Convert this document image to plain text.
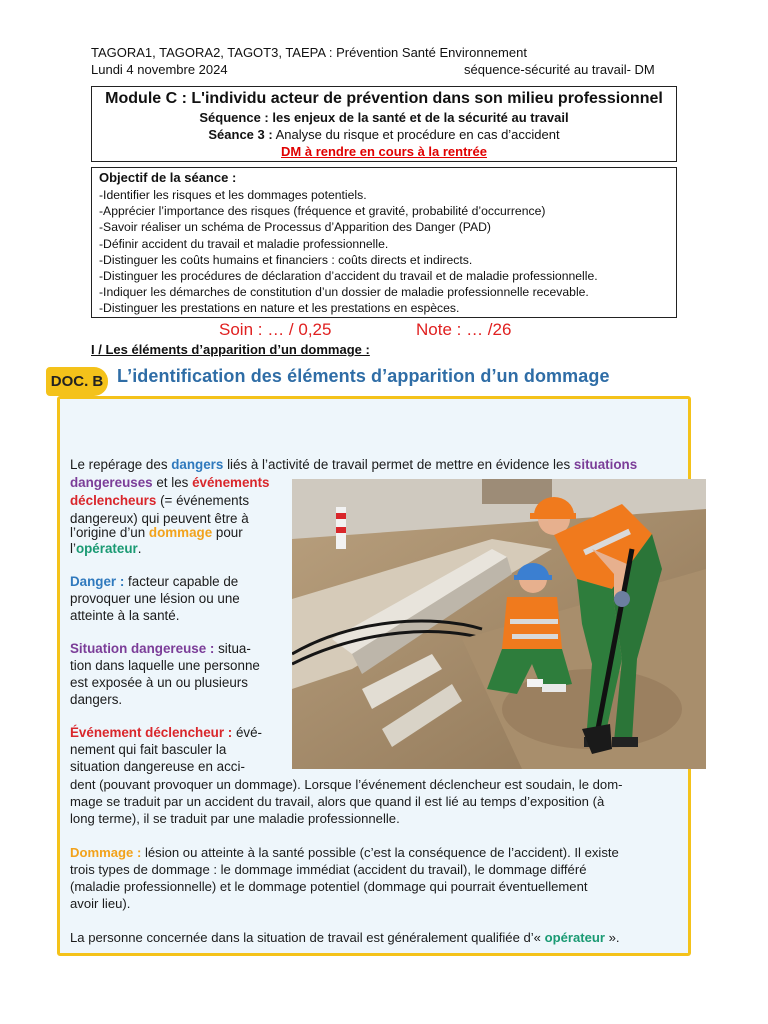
TAGORA1, TAGORA2, TAGOT3, TAEPA : Prévention Santé Environnement
Lundi 4 novembre 2024	séquence-sécurité au travail- DM
Module C : L'individu acteur de prévention dans son milieu professionnel
Séquence : les enjeux de la santé et de la sécurité au travail
Séance 3 : Analyse du risque et procédure en cas d’accident
DM à rendre en cours à la rentrée
Objectif de la séance :
-Identifier les risques et les dommages potentiels.
-Apprécier l’importance des risques (fréquence et gravité, probabilité d’occurrence)
-Savoir réaliser un schéma de Processus d’Apparition des Danger (PAD)
-Définir accident du travail et maladie professionnelle.
-Distinguer les coûts humains et financiers : coûts directs et indirects.
-Distinguer les procédures de déclaration d’accident du travail et de maladie professionnelle.
-Indiquer les démarches de constitution d’un dossier de maladie professionnelle recevable.
-Distinguer les prestations en nature et les prestations en espèces.
Soin : … / 0,25	Note : … /26
I / Les éléments d’apparition d’un dommage :
DOC. B L’identification des éléments d’apparition d’un dommage
Le repérage des dangers liés à l’activité de travail permet de mettre en évidence les situations
dangereuses et les événements
déclencheurs (= événements
dangereux) qui peuvent être à
l’origine d’un dommage pour
l’opérateur.
Danger : facteur capable de
provoquer une lésion ou une
atteinte à la santé.
Situation dangereuse : situa-
tion dans laquelle une personne
est exposée à un ou plusieurs
dangers.
Événement déclencheur : évé-
nement qui fait basculer la
situation dangereuse en acci-
dent (pouvant provoquer un dommage). Lorsque l’événement déclencheur est soudain, le dom-
mage se traduit par un accident du travail, alors que quand il est lié au temps d’exposition (à
long terme), il se traduit par une maladie professionnelle.
Dommage : lésion ou atteinte à la santé possible (c’est la conséquence de l’accident). Il existe
trois types de dommage : le dommage immédiat (accident du travail), le dommage différé
(maladie professionnelle) et le dommage potentiel (dommage qui pourrait éventuellement
avoir lieu).
La personne concernée dans la situation de travail est généralement qualifiée d’« opérateur ».
